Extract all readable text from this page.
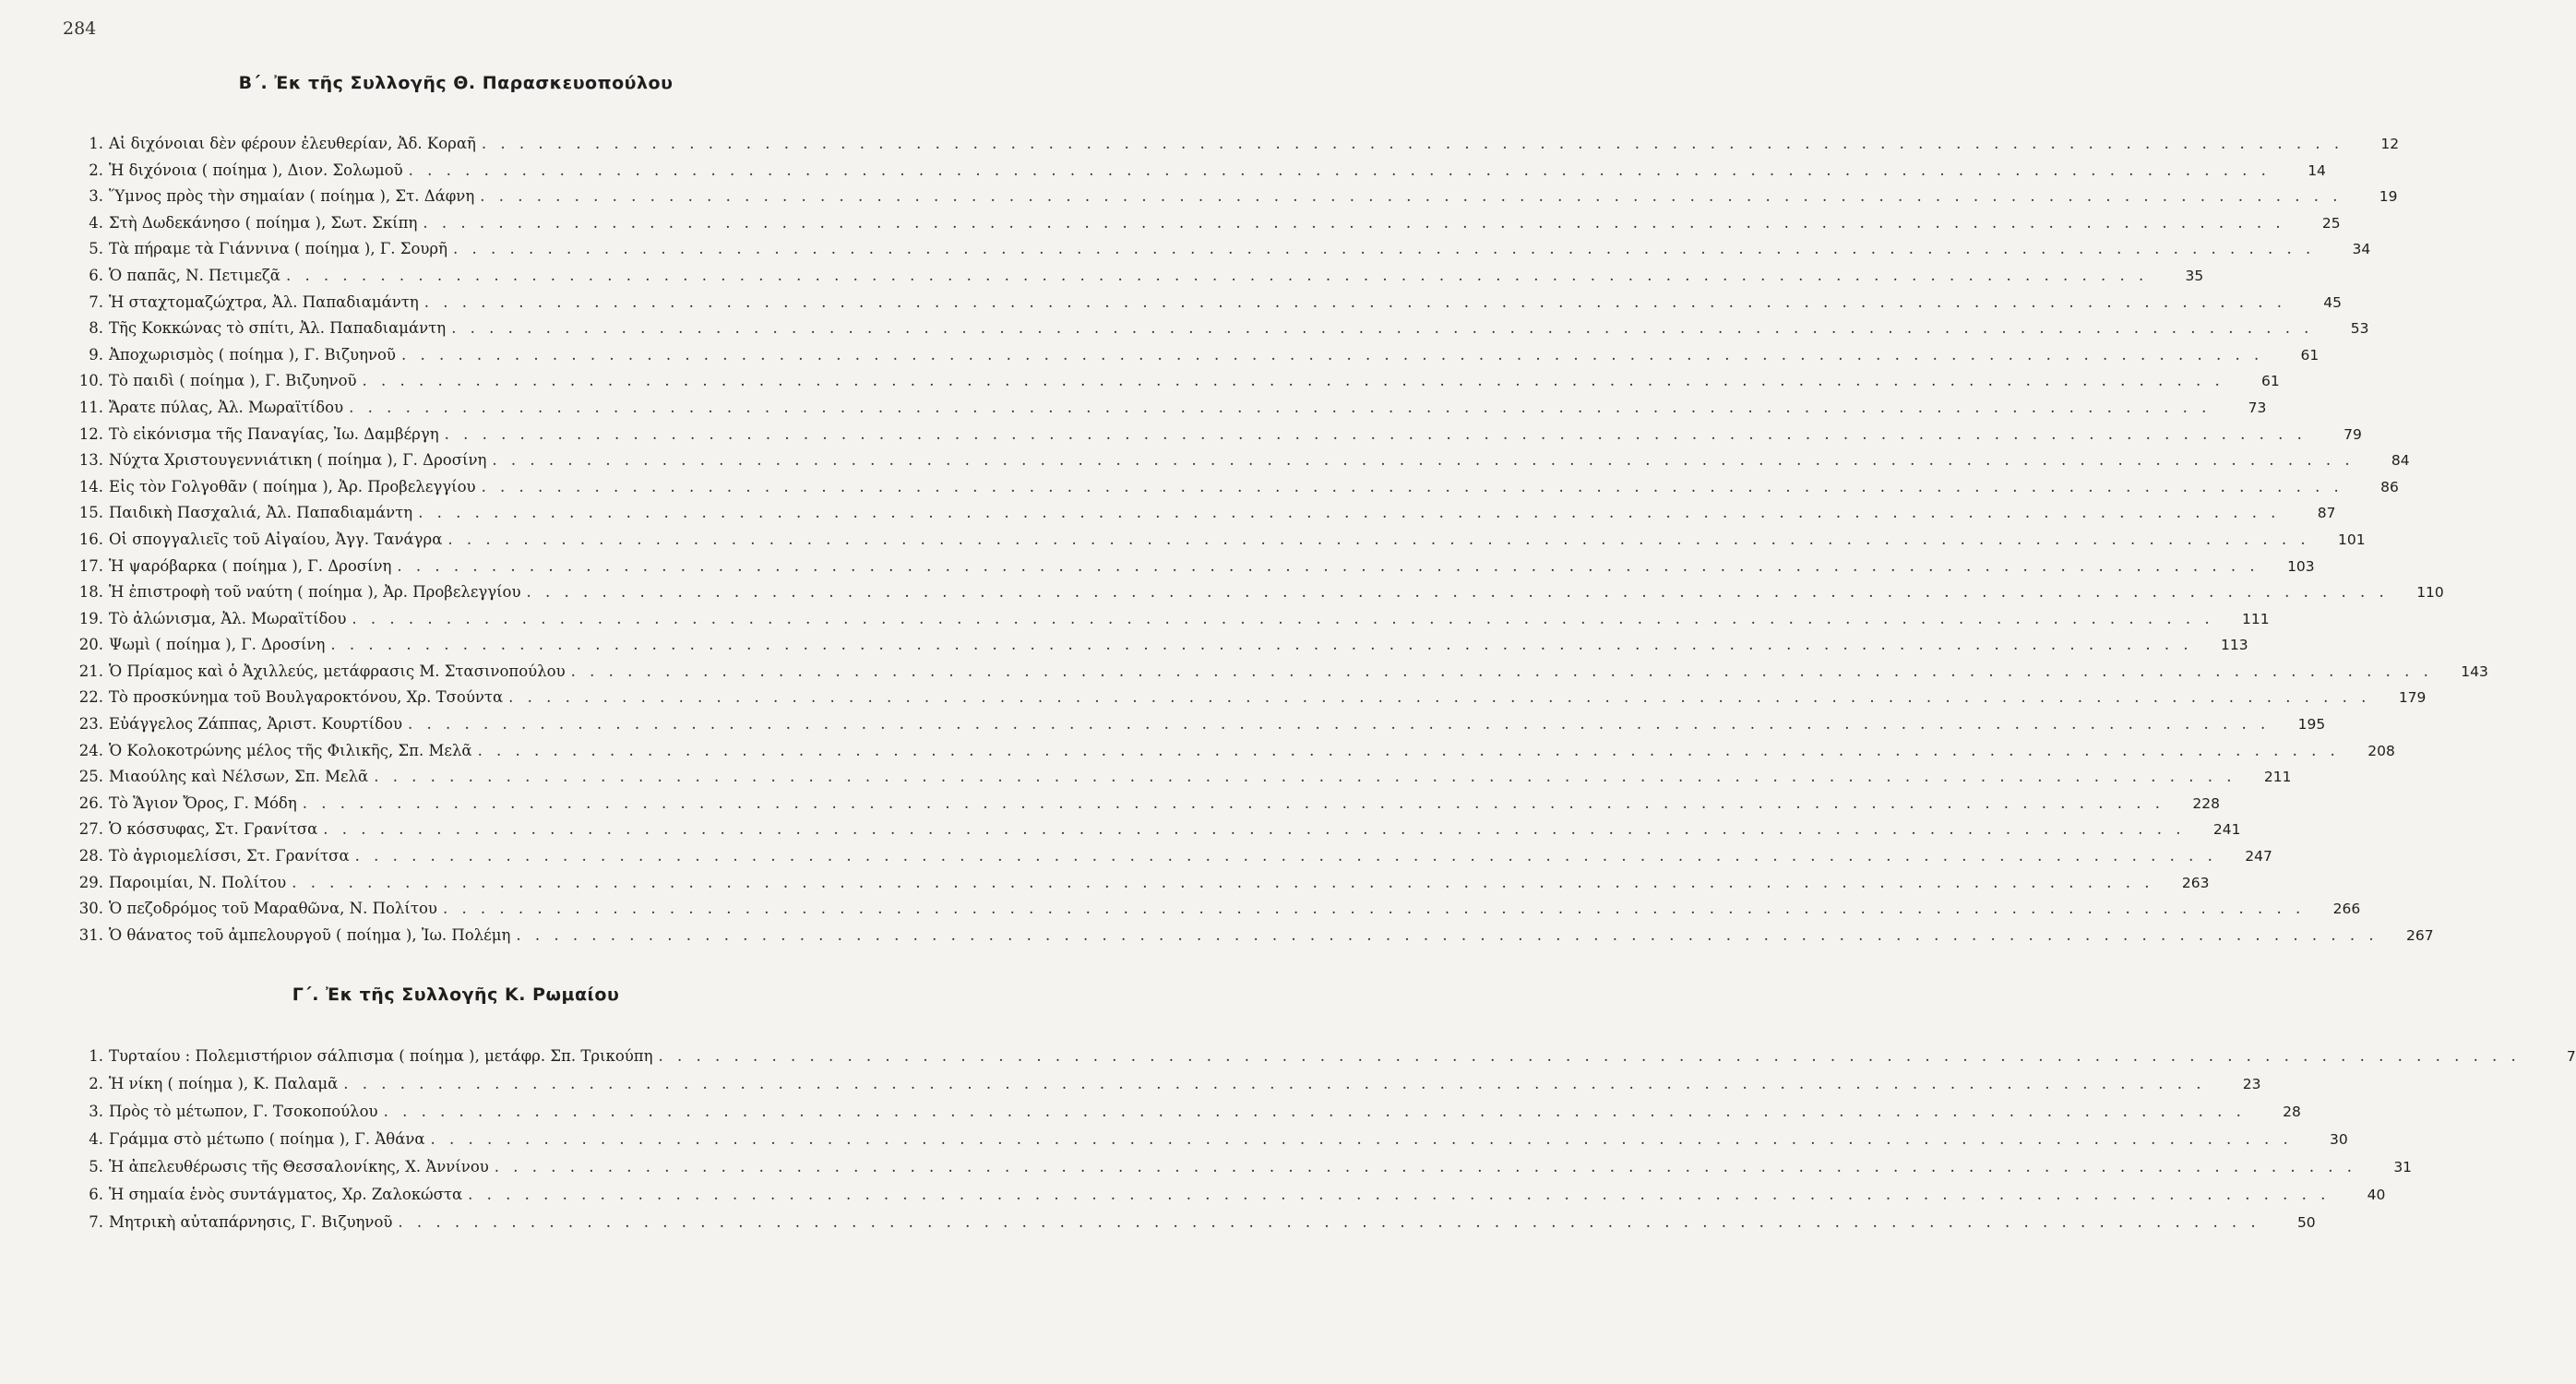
284
Β΄. Ἐκ τῆς Συλλογῆς Θ. Παρασκευοπούλου
1. Αἱ διχόνοιαι δὲν φέρουν ἐλευθερίαν, Ἀδ. Κοραῆ . . .	12
2. Ἡ διχόνοια ( ποίημα ), Διον. Σολωμοῦ . . .	14
3. Ὕμνος πρὸς τὴν σημαίαν ( ποίημα ), Στ. Δάφνη . . .	19
4. Στὴ Δωδεκάνησο ( ποίημα ), Σωτ. Σκίπη . . .	25
5. Τὰ πήραμε τὰ Γιάννινα ( ποίημα ), Γ. Σουρῆ . . .	34
6. Ὁ παπᾶς, Ν. Πετιμεζᾶ . . .	35
7. Ἡ σταχτομαζώχτρα, Ἀλ. Παπαδιαμάντη . . .	45
8. Τῆς Κοκκώνας τὸ σπίτι, Ἀλ. Παπαδιαμάντη . . .	53
9. Ἀποχωρισμὸς ( ποίημα ), Γ. Βιζυηνοῦ . . .	61
10. Τὸ παιδὶ ( ποίημα ), Γ. Βιζυηνοῦ . . .	61
11. Ἄρατε πύλας, Ἀλ. Μωραϊτίδου . . .	73
12. Τὸ εἰκόνισμα τῆς Παναγίας, Ἰω. Δαμβέργη . . .	79
13. Νύχτα Χριστουγεννιάτικη ( ποίημα ), Γ. Δροσίνη . . .	84
14. Εἰς τὸν Γολγοθᾶν ( ποίημα ), Ἀρ. Προβελεγγίου . . .	86
15. Παιδικὴ Πασχαλιά, Ἀλ. Παπαδιαμάντη . . .	87
16. Οἱ σπογγαλιεῖς τοῦ Αἰγαίου, Ἀγγ. Τανάγρα . . .	101
17. Ἡ ψαρόβαρκα ( ποίημα ), Γ. Δροσίνη . . .	103
18. Ἡ ἐπιστροφὴ τοῦ ναύτη ( ποίημα ), Ἀρ. Προβελεγγίου . . .	110
19. Τὸ ἀλώνισμα, Ἀλ. Μωραϊτίδου . . .	111
20. Ψωμὶ ( ποίημα ), Γ. Δροσίνη . . .	113
21. Ὁ Πρίαμος καὶ ὁ Ἀχιλλεύς, μετάφρασις Μ. Στασινοπούλου . . .	143
22. Τὸ προσκύνημα τοῦ Βουλγαροκτόνου, Χρ. Τσούντα . . .	179
23. Εὐάγγελος Ζάππας, Ἀριστ. Κουρτίδου . . .	195
24. Ὁ Κολοκοτρώνης μέλος τῆς Φιλικῆς, Σπ. Μελᾶ . . .	208
25. Μιαούλης καὶ Νέλσων, Σπ. Μελᾶ . . .	211
26. Τὸ Ἅγιον Ὄρος, Γ. Μόδη . . .	228
27. Ὁ κόσσυφας, Στ. Γρανίτσα . . .	241
28. Τὸ ἀγριομελίσσι, Στ. Γρανίτσα . . .	247
29. Παροιμίαι, Ν. Πολίτου . . .	263
30. Ὁ πεζοδρόμος τοῦ Μαραθῶνα, Ν. Πολίτου . . .	266
31. Ὁ θάνατος τοῦ ἀμπελουργοῦ ( ποίημα ), Ἰω. Πολέμη . . .	267
Γ΄. Ἐκ τῆς Συλλογῆς Κ. Ρωμαίου
1. Τυρταίου : Πολεμιστήριον σάλπισμα ( ποίημα ), μετάφρ. Σπ. Τρικούπη . . .	7
2. Ἡ νίκη ( ποίημα ), Κ. Παλαμᾶ . . .	23
3. Πρὸς τὸ μέτωπον, Γ. Τσοκοπούλου . . .	28
4. Γράμμα στὸ μέτωπο ( ποίημα ), Γ. Ἀθάνα . . .	30
5. Ἡ ἀπελευθέρωσις τῆς Θεσσαλονίκης, Χ. Ἀννίνου . . .	31
6. Ἡ σημαία ἑνὸς συντάγματος, Χρ. Ζαλοκώστα . . .	40
7. Μητρικὴ αὐταπάρνησις, Γ. Βιζυηνοῦ . . .	50
